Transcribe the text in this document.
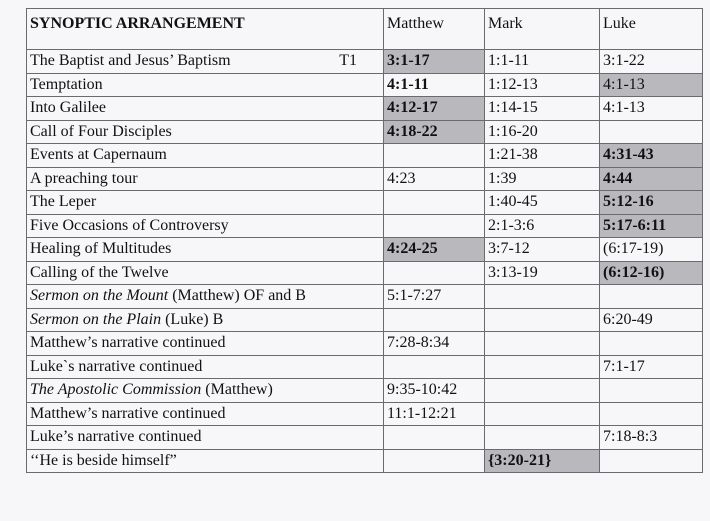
SYNOPTIC ARRANGEMENT	Matthew	Mark	Luke
The Baptist and Jesus’ Baptism T1	3:1-17	1:1-11	3:1-22
Temptation	4:1-11	1:12-13	4:1-13
Into Galilee	4:12-17	1:14-15	4:1-13
Call of Four Disciples	4:18-22	1:16-20	
Events at Capernaum		1:21-38	4:31-43
A preaching tour	4:23	1:39	4:44
The Leper		1:40-45	5:12-16
Five Occasions of Controversy		2:1-3:6	5:17-6:11
Healing of Multitudes	4:24-25	3:7-12	(6:17-19)
Calling of the Twelve		3:13-19	(6:12-16)
Sermon on the Mount (Matthew) OF and B	5:1-7:27		
Sermon on the Plain (Luke) B			6:20-49
Matthew’s narrative continued	7:28-8:34		
Luke`s narrative continued			7:1-17
The Apostolic Commission (Matthew)	9:35-10:42		
Matthew’s narrative continued	11:1-12:21		
Luke’s narrative continued			7:18-8:3
‘‘He is beside himself”		{3:20-21}	
